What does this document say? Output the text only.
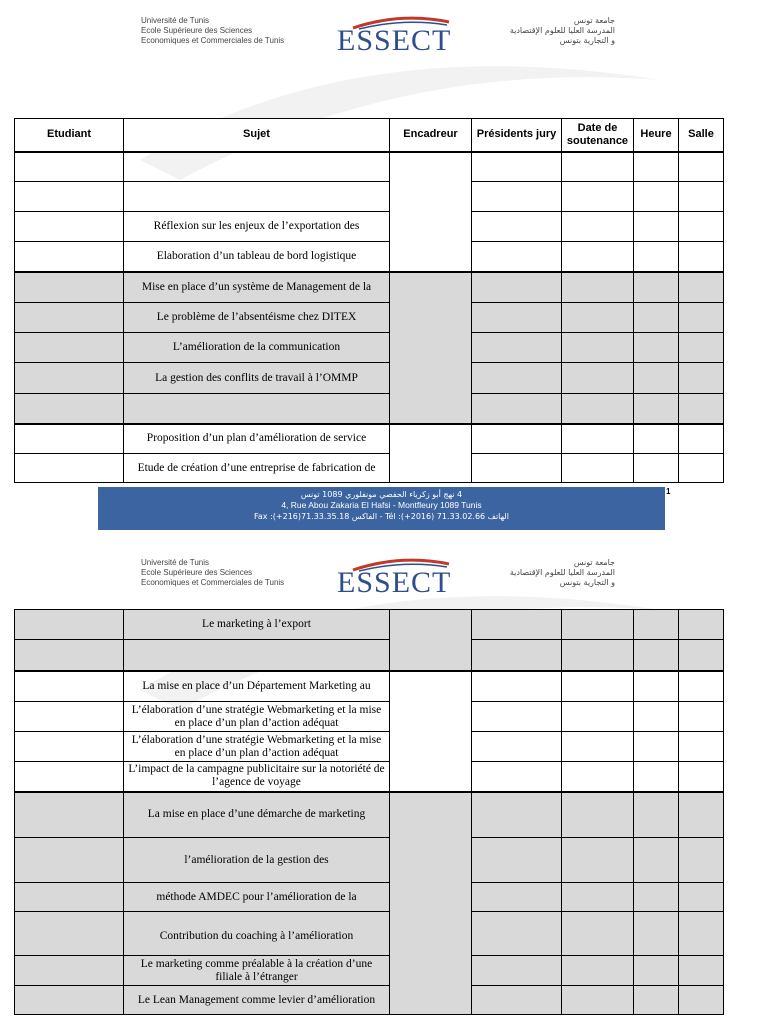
Université de Tunis
Ecole Supérieure des Sciences
Economiques et Commerciales de Tunis ESSECT
جامعة تونس
المدرسة العليا للعلوم الإقتصادية
و التجارية بتونس
Etudiant	Sujet	Encadreur	Présidents jury	Date de soutenance	Heure	Salle

	Réflexion sur les enjeux de l’exportation des					
	Elaboration d’un tableau de bord logistique					
	Mise en place d’un système de Management de la					
	Le problème de l’absentéisme chez DITEX					
	L’amélioration de la communication					
	La gestion des conflits de travail à l’OMMP					

	Proposition d’un plan d’amélioration de service					
	Etude de création d’une entreprise de fabrication de					
4 نهج أبو زكرياء الحفصي مونفلوري 1089 تونس
4, Rue Abou Zakaria El Hafsi - Montfleury 1089 Tunis
Fax :(+216)71.33.35.18 الفاكس - Tél :(+2016) 71.33.02.66 الهاتف
1
Université de Tunis
Ecole Supérieure des Sciences
Economiques et Commerciales de Tunis ESSECT
جامعة تونس
المدرسة العليا للعلوم الإقتصادية
و التجارية بتونس
	Le marketing à l’export					

	La mise en place d’un Département Marketing au					
	L’élaboration d’une stratégie Webmarketing et la mise en place d’un plan d’action adéquat					
	L’élaboration d’une stratégie Webmarketing et la mise en place d’un plan d’action adéquat					
	L’impact de la campagne publicitaire sur la notoriété de l’agence de voyage					
	La mise en place d’une démarche de marketing					
	l’amélioration de la gestion des					
	méthode AMDEC pour l’amélioration de la					
	Contribution du coaching à l’amélioration					
	Le marketing comme préalable à la création d’une filiale à l’étranger					
	Le Lean Management comme levier d’amélioration					
